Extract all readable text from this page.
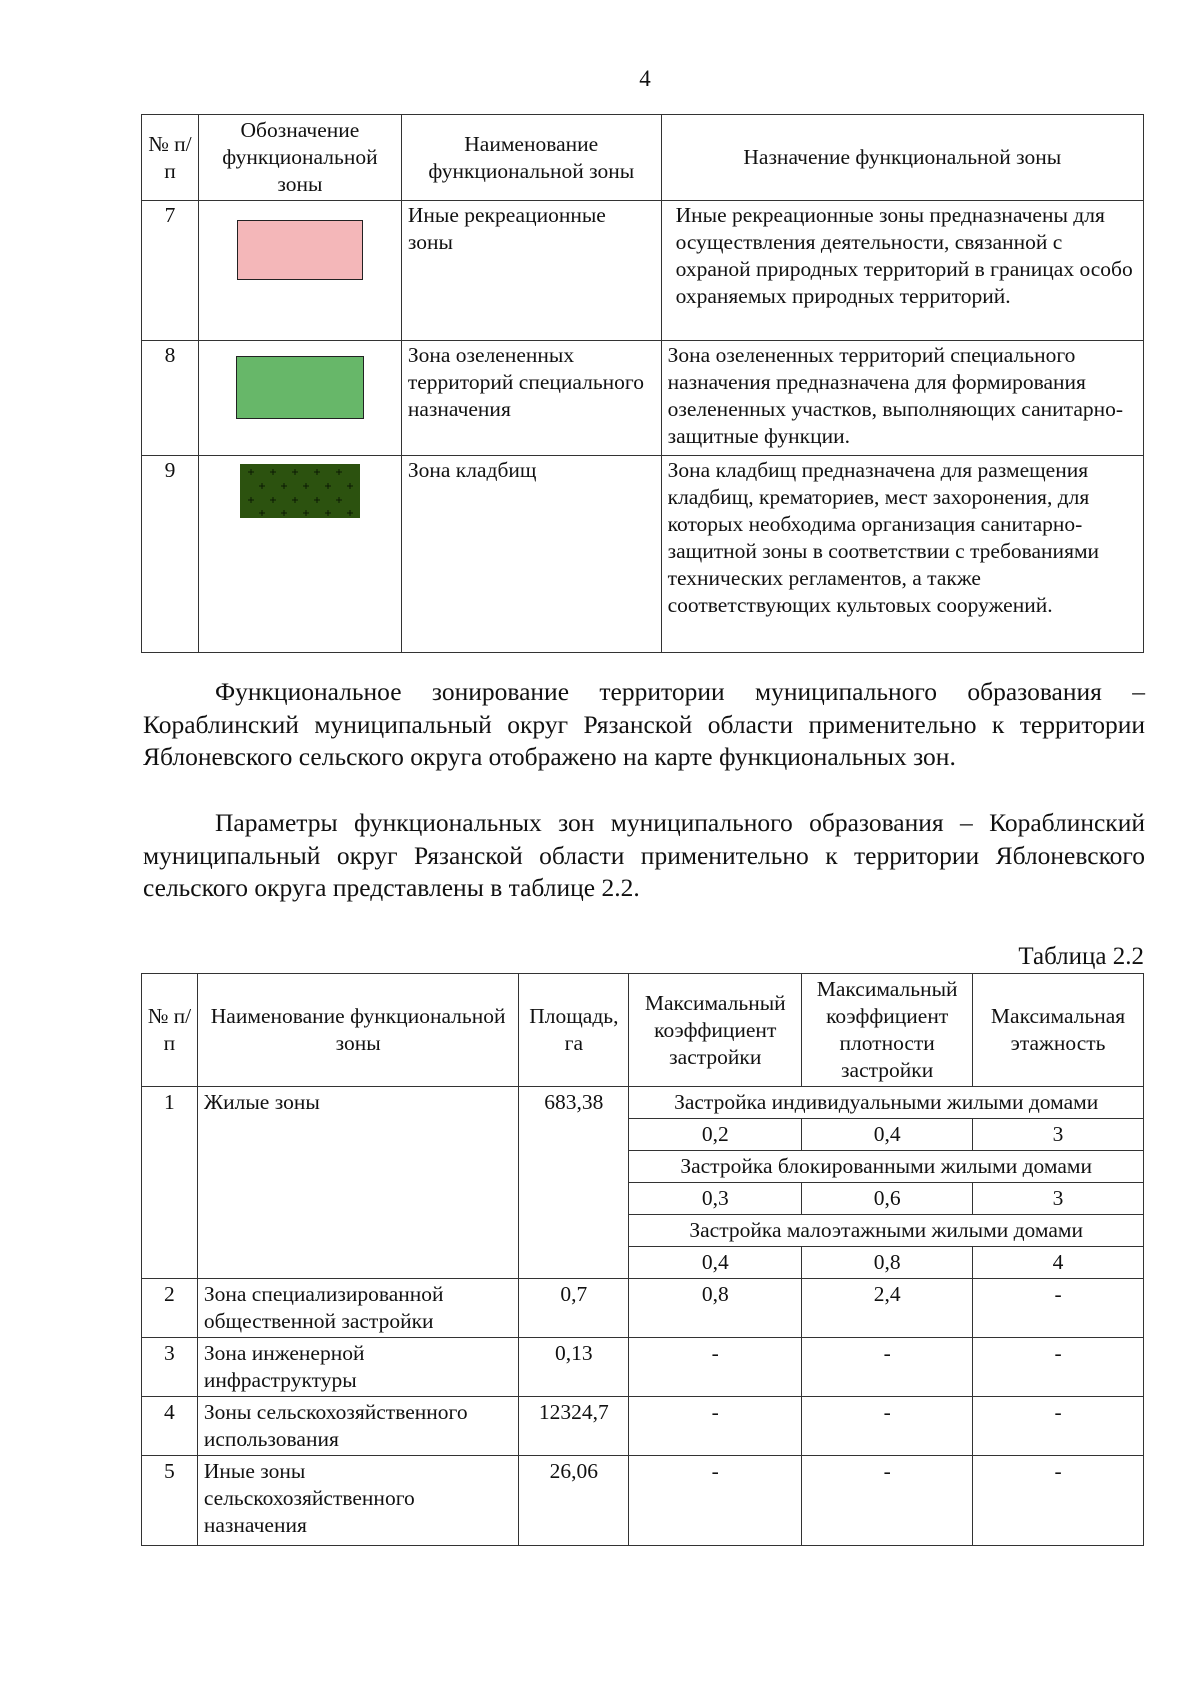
4
№ п/п	Обозначение функциональной зоны	Наименование функциональной зоны	Назначение функциональной зоны
7		Иные рекреационные зоны	Иные рекреационные зоны предназначены для осуществления деятельности, связанной с охраной природных территорий в границах особо охраняемых природных территорий.
8		Зона озелененных территорий специального назначения	Зона озелененных территорий специального назначения предназначена для формирования озелененных участков, выполняющих санитарно-защитные функции.
9		Зона кладбищ	Зона кладбищ предназначена для размещения кладбищ, крематориев, мест захоронения, для которых необходима организация санитарно-защитной зоны в соответствии с требованиями технических регламентов, а также соответствующих культовых сооружений.

Функциональное зонирование территории муниципального образования – Кораблинский муниципальный округ Рязанской области применительно к территории Яблоневского сельского округа отображено на карте функциональных зон.

Параметры функциональных зон муниципального образования – Кораблинский муниципальный округ Рязанской области применительно к территории Яблоневского сельского округа представлены в таблице 2.2.

Таблица 2.2
№ п/п	Наименование функциональной зоны	Площадь, га	Максимальный коэффициент застройки	Максимальный коэффициент плотности застройки	Максимальная этажность
1	Жилые зоны	683,38	Застройка индивидуальными жилыми домами		
			0,2	0,4	3
			Застройка блокированными жилыми домами		
			0,3	0,6	3
			Застройка малоэтажными жилыми домами		
			0,4	0,8	4
2	Зона специализированной общественной застройки	0,7	0,8	2,4	-
3	Зона инженерной инфраструктуры	0,13	-	-	-
4	Зоны сельскохозяйственного использования	12324,7	-	-	-
5	Иные зоны сельскохозяйственного назначения	26,06	-	-	-
